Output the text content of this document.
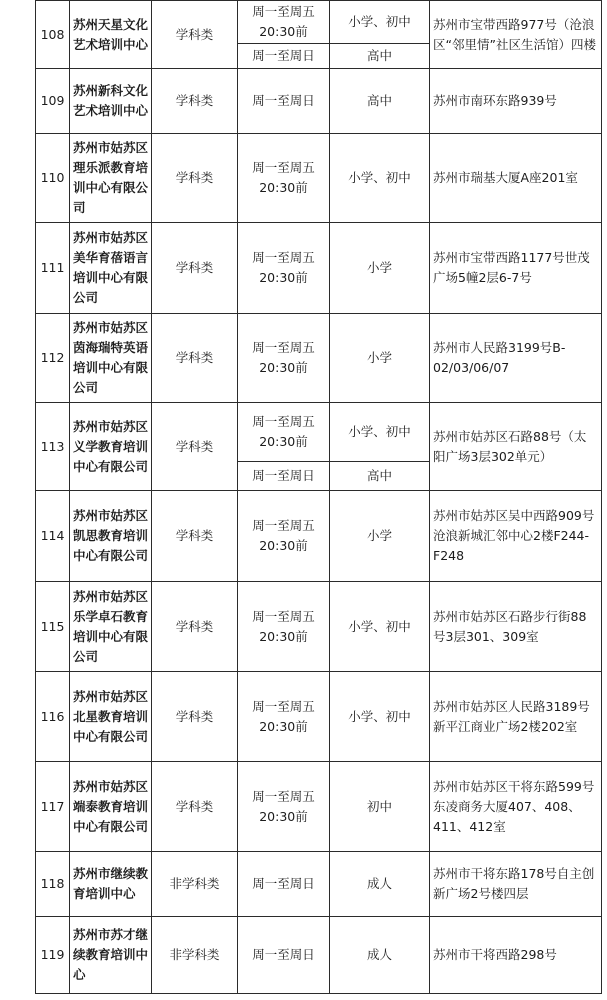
108	苏州天星文化艺术培训中心	学科类	周一至周五20:30前	小学、初中	苏州市宝带西路977号（沧浪区“邻里情”社区生活馆）四楼
			周一至周日	高中	
109	苏州新科文化艺术培训中心	学科类	周一至周日	高中	苏州市南环东路939号
110	苏州市姑苏区理乐派教育培训中心有限公司	学科类	周一至周五20:30前	小学、初中	苏州市瑞基大厦A座201室
111	苏州市姑苏区美华育蓓语言培训中心有限公司	学科类	周一至周五20:30前	小学	苏州市宝带西路1177号世茂广场5幢2层6-7号
112	苏州市姑苏区茵海瑞特英语培训中心有限公司	学科类	周一至周五20:30前	小学	苏州市人民路3199号B-02/03/06/07
113	苏州市姑苏区义学教育培训中心有限公司	学科类	周一至周五20:30前	小学、初中	苏州市姑苏区石路88号（太阳广场3层302单元）
			周一至周日	高中	
114	苏州市姑苏区凯思教育培训中心有限公司	学科类	周一至周五20:30前	小学	苏州市姑苏区吴中西路909号沧浪新城汇邻中心2楼F244-F248
115	苏州市姑苏区乐学卓石教育培训中心有限公司	学科类	周一至周五20:30前	小学、初中	苏州市姑苏区石路步行街88号3层301、309室
116	苏州市姑苏区北星教育培训中心有限公司	学科类	周一至周五20:30前	小学、初中	苏州市姑苏区人民路3189号新平江商业广场2楼202室
117	苏州市姑苏区端泰教育培训中心有限公司	学科类	周一至周五20:30前	初中	苏州市姑苏区干将东路599号东凌商务大厦407、408、411、412室
118	苏州市继续教育培训中心	非学科类	周一至周日	成人	苏州市干将东路178号自主创新广场2号楼四层
119	苏州市苏才继续教育培训中心	非学科类	周一至周日	成人	苏州市干将西路298号
